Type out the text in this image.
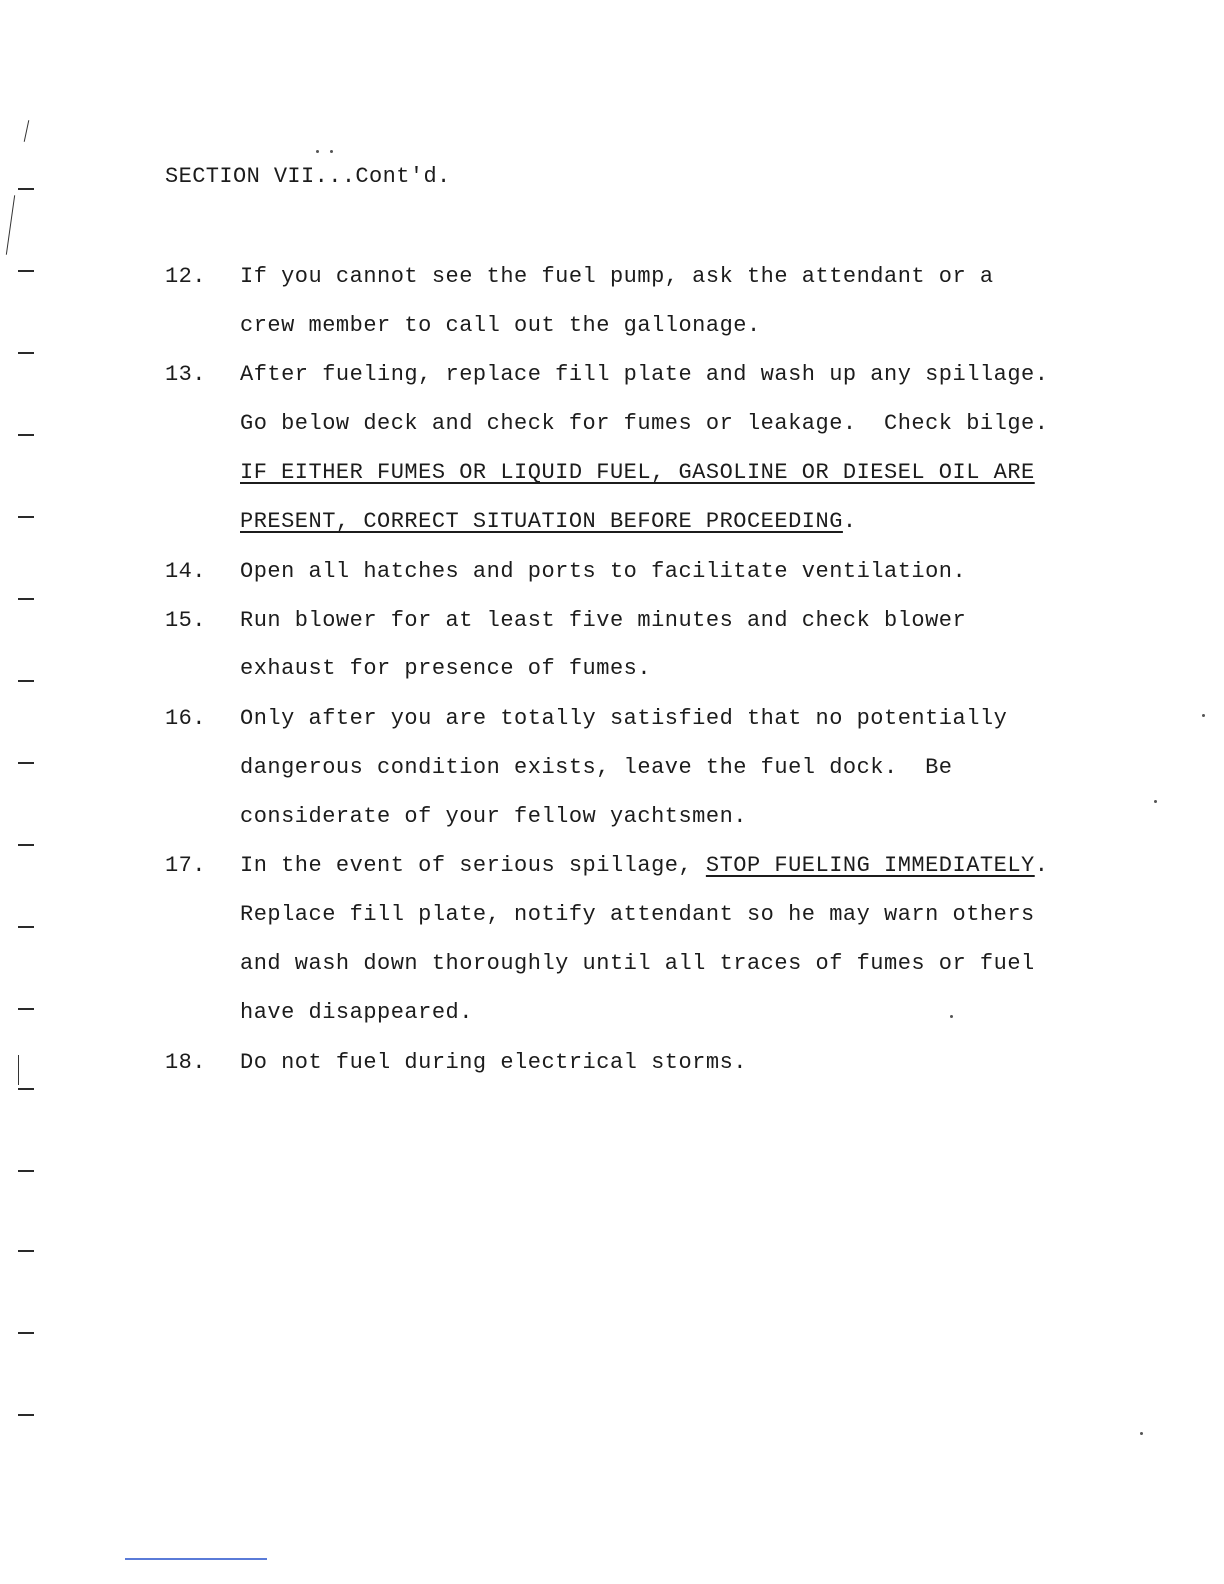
SECTION VII...Cont'd.
12. If you cannot see the fuel pump, ask the attendant or a
crew member to call out the gallonage.
13. After fueling, replace fill plate and wash up any spillage.
Go below deck and check for fumes or leakage.  Check bilge.
IF EITHER FUMES OR LIQUID FUEL, GASOLINE OR DIESEL OIL ARE
PRESENT, CORRECT SITUATION BEFORE PROCEEDING.
14. Open all hatches and ports to facilitate ventilation.
15. Run blower for at least five minutes and check blower
exhaust for presence of fumes.
16. Only after you are totally satisfied that no potentially
dangerous condition exists, leave the fuel dock.  Be
considerate of your fellow yachtsmen.
17. In the event of serious spillage, STOP FUELING IMMEDIATELY.
Replace fill plate, notify attendant so he may warn others
and wash down thoroughly until all traces of fumes or fuel
have disappeared.
18. Do not fuel during electrical storms.
